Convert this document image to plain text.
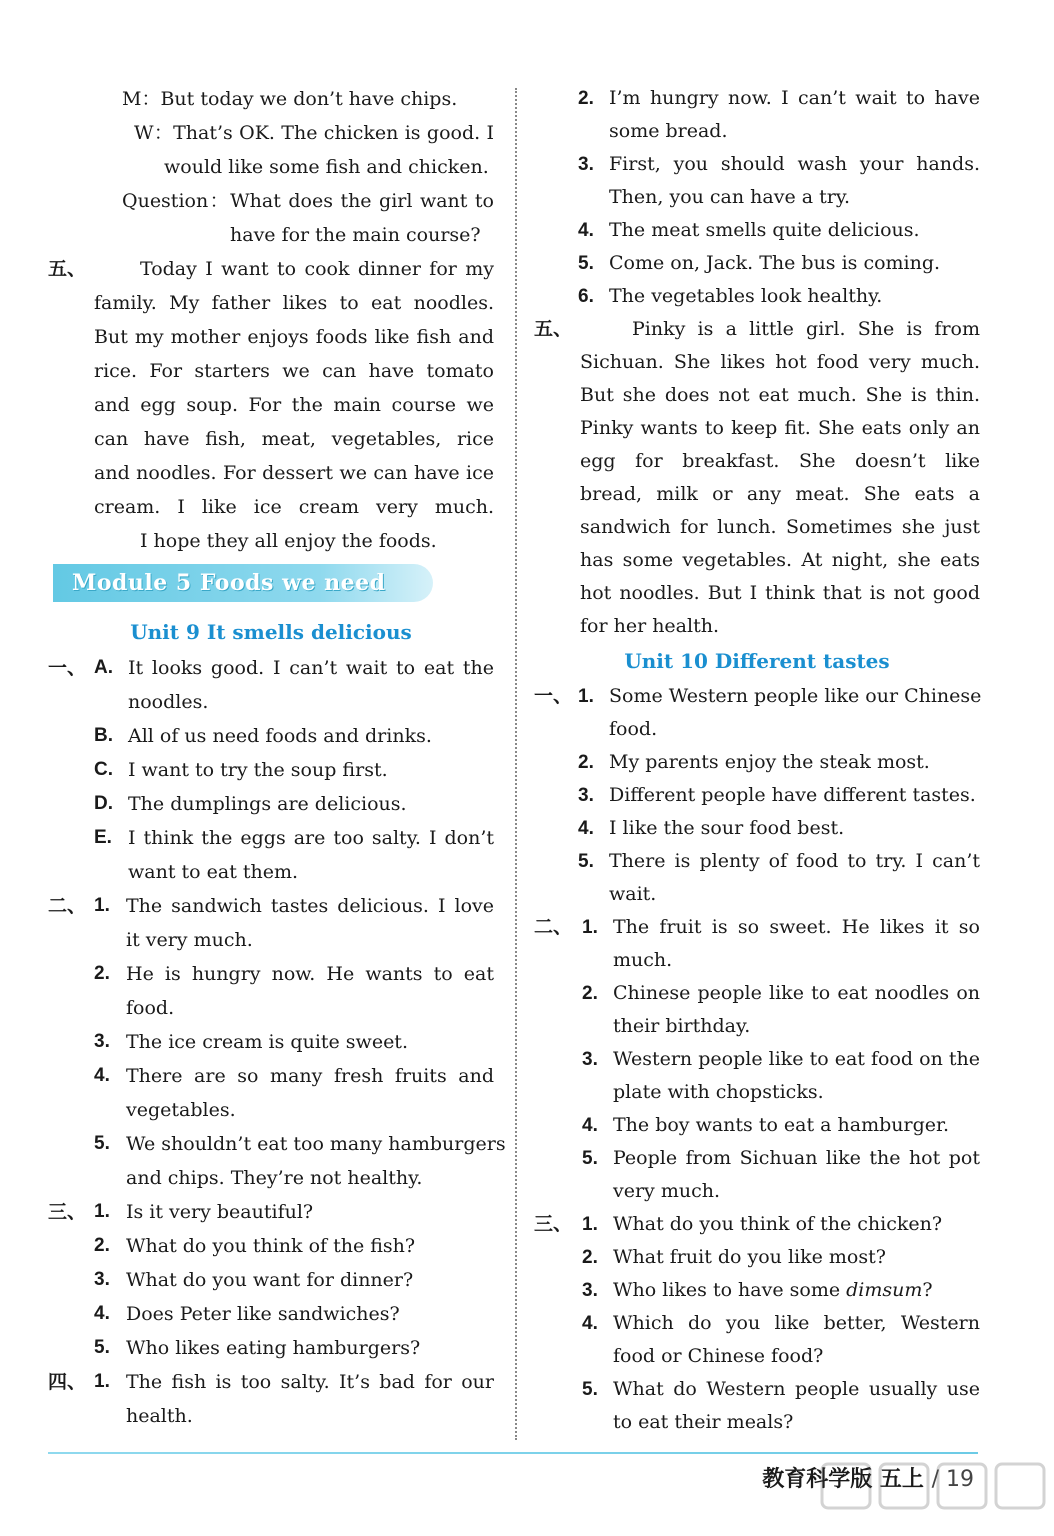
M：But today we don’t have chips.
W：That’s OK. The chicken is good. I
would like some fish and chicken.
Question：What does the girl want to
have for the main course?
五、	Today I want to cook dinner for my
family. My father likes to eat noodles.
But my mother enjoys foods like fish and
rice. For starters we can have tomato
and egg soup. For the main course we
can have fish, meat, vegetables, rice
and noodles. For dessert we can have ice
cream. I like ice cream very much.
I hope they all enjoy the foods.
Module 5 Foods we need
Unit 9 It smells delicious
一、 A. It looks good. I can’t wait to eat the
noodles.
B. All of us need foods and drinks.
C. I want to try the soup first.
D. The dumplings are delicious.
E. I think the eggs are too salty. I don’t
want to eat them.
二、 1. The sandwich tastes delicious. I love
it very much.
2. He is hungry now. He wants to eat
food.
3. The ice cream is quite sweet.
4. There are so many fresh fruits and
vegetables.
5. We shouldn’t eat too many hamburgers
and chips. They’re not healthy.
三、 1. Is it very beautiful?
2. What do you think of the fish?
3. What do you want for dinner?
4. Does Peter like sandwiches?
5. Who likes eating hamburgers?
四、 1. The fish is too salty. It’s bad for our
health.
2. I’m hungry now. I can’t wait to have
some bread.
3. First, you should wash your hands.
Then, you can have a try.
4. The meat smells quite delicious.
5. Come on, Jack. The bus is coming.
6. The vegetables look healthy.
五、	Pinky is a little girl. She is from
Sichuan. She likes hot food very much.
But she does not eat much. She is thin.
Pinky wants to keep fit. She eats only an
egg for breakfast. She doesn’t like
bread, milk or any meat. She eats a
sandwich for lunch. Sometimes she just
has some vegetables. At night, she eats
hot noodles. But I think that is not good
for her health.
Unit 10 Different tastes
一、 1. Some Western people like our Chinese
food.
2. My parents enjoy the steak most.
3. Different people have different tastes.
4. I like the sour food best.
5. There is plenty of food to try. I can’t
wait.
二、 1. The fruit is so sweet. He likes it so
much.
2. Chinese people like to eat noodles on
their birthday.
3. Western people like to eat food on the
plate with chopsticks.
4. The boy wants to eat a hamburger.
5. People from Sichuan like the hot pot
very much.
三、 1. What do you think of the chicken?
2. What fruit do you like most?
3. Who likes to have some dimsum?
4. Which do you like better, Western
food or Chinese food?
5. What do Western people usually use
to eat their meals?
教育科学版 五上 / 19
